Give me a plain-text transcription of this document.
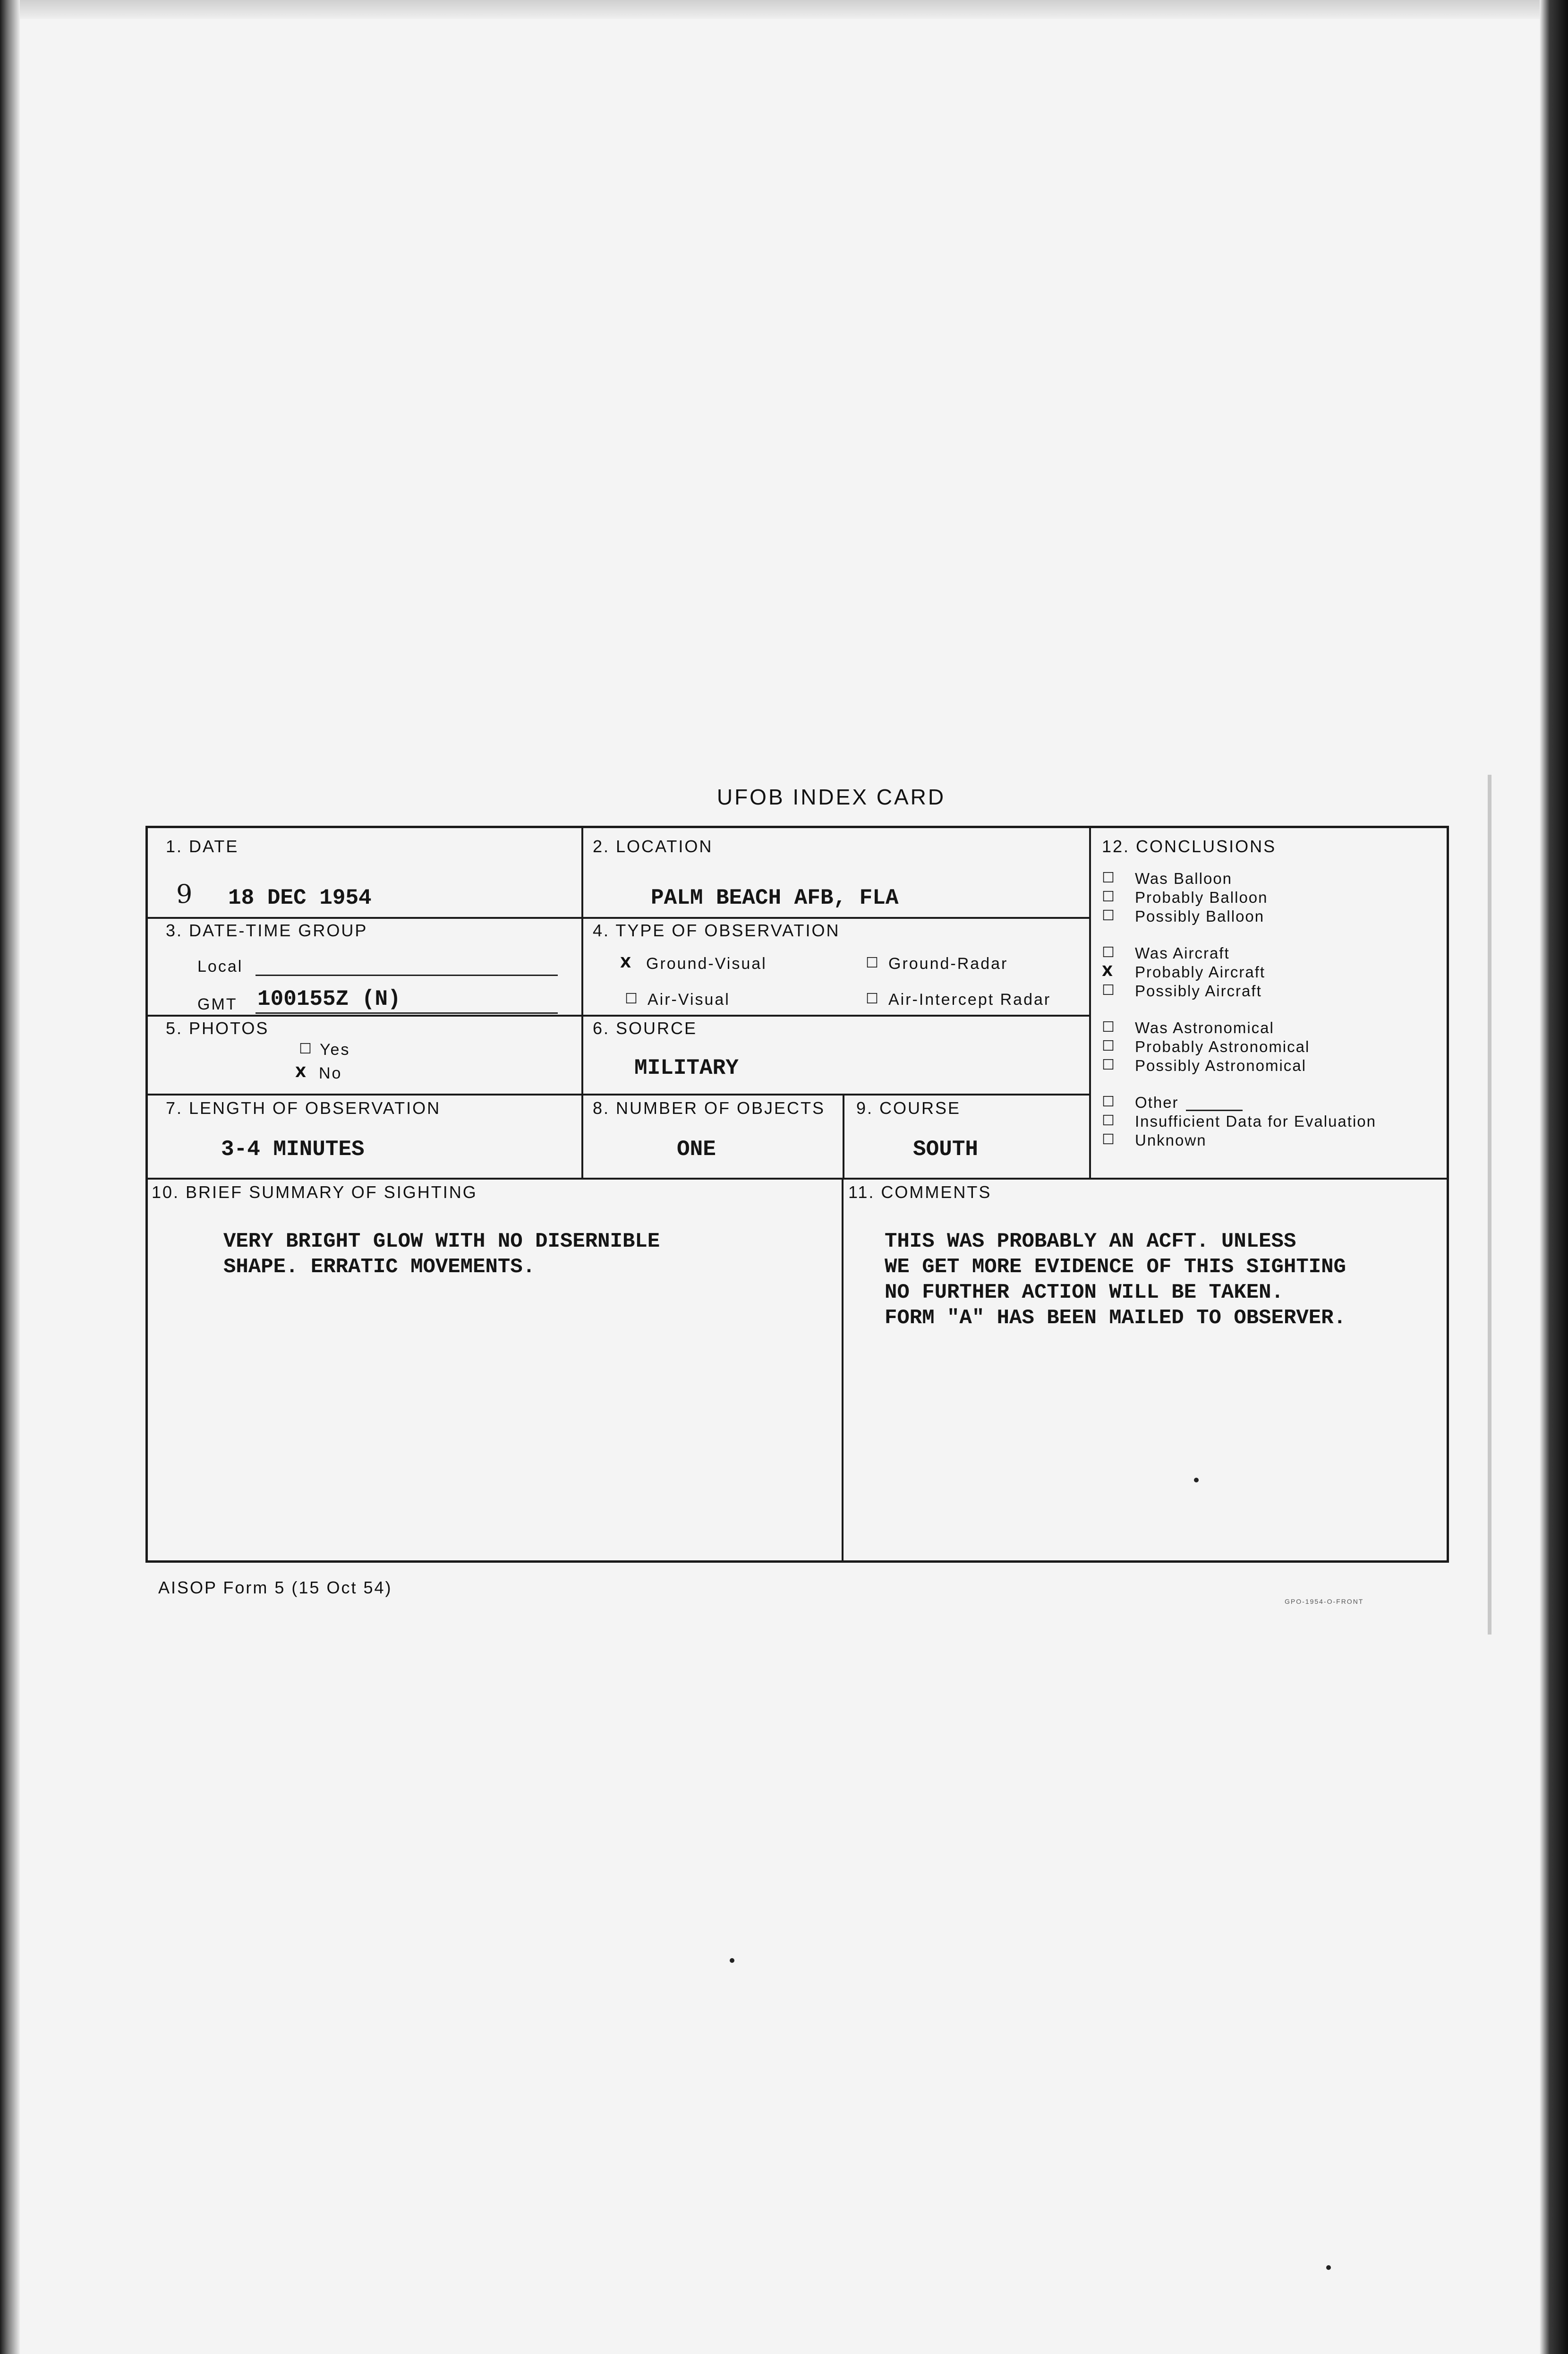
UFOB INDEX CARD
1. DATE
9 18 DEC 1954
2. LOCATION
PALM BEACH AFB, FLA
3. DATE-TIME GROUP
Local
GMT 100155Z (N)
4. TYPE OF OBSERVATION
X Ground-Visual	☐ Ground-Radar
☐ Air-Visual	☐ Air-Intercept Radar
5. PHOTOS
☐ Yes
X No
6. SOURCE
MILITARY
7. LENGTH OF OBSERVATION
3-4 MINUTES
8. NUMBER OF OBJECTS
ONE
9. COURSE
SOUTH
12. CONCLUSIONS
☐ Was Balloon
☐ Probably Balloon
☐ Possibly Balloon
☐ Was Aircraft
X Probably Aircraft
☐ Possibly Aircraft
☐ Was Astronomical
☐ Probably Astronomical
☐ Possibly Astronomical
☐ Other
☐ Insufficient Data for Evaluation
☐ Unknown
10. BRIEF SUMMARY OF SIGHTING
VERY BRIGHT GLOW WITH NO DISERNIBLE
SHAPE. ERRATIC MOVEMENTS.
11. COMMENTS
THIS WAS PROBABLY AN ACFT. UNLESS
WE GET MORE EVIDENCE OF THIS SIGHTING
NO FURTHER ACTION WILL BE TAKEN.
FORM "A" HAS BEEN MAILED TO OBSERVER.
AISOP Form 5 (15 Oct 54)
GPO-1954-O-FRONT
